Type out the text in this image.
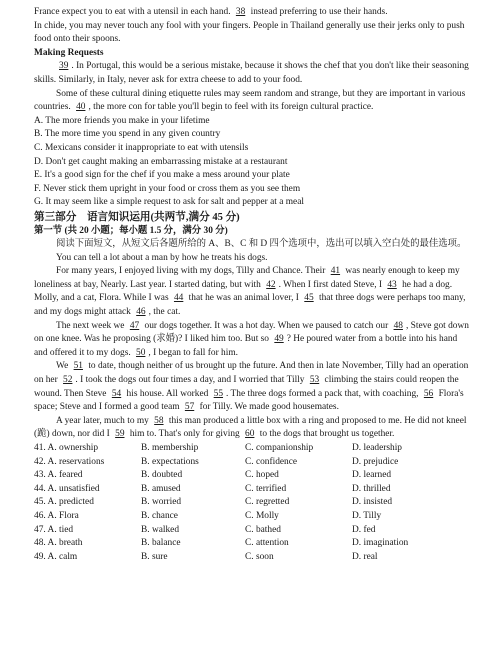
France expect you to eat with a utensil in each hand. 38 instead preferring to use their hands.

In chide, you may never touch any fool with your fingers. People in Thailand generally use their jerks only to push food onto their spoons.

Making Requests

39 . In Portugal, this would be a serious mistake, because it shows the chef that you don't like their seasoning skills. Similarly, in Italy, never ask for extra cheese to add to your food.

Some of these cultural dining etiquette rules may seem random and strange, but they are important in various countries. 40 , the more con for table you'll begin to feel with its foreign cultural practice.

A. The more friends you make in your lifetime

B. The more time you spend in any given country

C. Mexicans consider it inappropriate to eat with utensils

D. Don't get caught making an embarrassing mistake at a restaurant

E. It's a good sign for the chef if you make a mess around your plate

F. Never stick them upright in your food or cross them as you see them

G. It may seem like a simple request to ask for salt and pepper at a meal

第三部分　语言知识运用(共两节,满分 45 分)

第一节 (共 20 小题；每小题 1.5 分，满分 30 分)

阅读下面短文，从短文后各题所给的 A、B、C 和 D 四个选项中，选出可以填入空白处的最佳选项。

You can tell a lot about a man by how he treats his dogs.

For many years, I enjoyed living with my dogs, Tilly and Chance. Their 41 was nearly enough to keep my loneliness at bay, Nearly. Last year. I started dating, but with 42 . When I first dated Steve, I 43 he had a dog. Molly, and a cat, Flora. While I was 44 that he was an animal lover, I 45 that three dogs were perhaps too many, and my dogs might attack 46 , the cat.

The next week we 47 our dogs together. It was a hot day. When we paused to catch our 48 , Steve got down on one knee. Was he proposing (求婚)? I liked him too. But so 49 ? He poured water from a bottle into his hand and offered it to my dogs. 50 , I began to fall for him.

We 51 to date, though neither of us brought up the future. And then in late November, Tilly had an operation on her 52 . I took the dogs out four times a day, and I worried that Tilly 53 climbing the stairs could reopen the wound. Then Steve 54 his house. All worked 55 . The three dogs formed a pack that, with coaching, 56 Flora's space; Steve and I formed a good team 57 for Tilly. We made good housemates.

A year later, much to my 58 this man produced a little box with a ring and proposed to me. He did not kneel (跪) down, nor did I 59 him to. That's only for giving 60 to the dogs that brought us together.

41. A. ownership	B. membership	C. companionship	D. leadership
42. A. reservations	B. expectations	C. confidence	D. prejudice
43. A. feared	B. doubted	C. hoped	D. learned
44. A. unsatisfied	B. amused	C. terrified	D. thrilled
45. A. predicted	B. worried	C. regretted	D. insisted
46. A. Flora	B. chance	C. Molly	D. Tilly
47. A. tied	B. walked	C. bathed	D. fed
48. A. breath	B. balance	C. attention	D. imagination
49. A. calm	B. sure	C. soon	D. real
